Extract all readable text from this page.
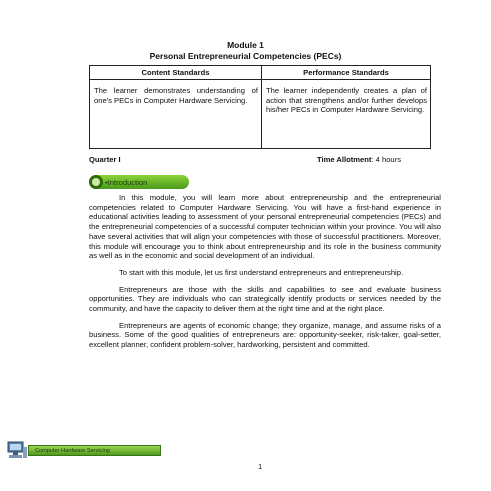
Module 1
Personal Entrepreneurial Competencies (PECs)
Content Standards	Performance Standards
The learner demonstrates understanding of one's PECs in Computer Hardware Servicing.
The learner independently creates a plan of action that strengthens and/or further develops his/her PECs in Computer Hardware Servicing.
Quarter I	Time Allotment: 4 hours
•Introduction

In this module, you will learn more about entrepreneurship and the entrepreneurial competencies related to Computer Hardware Servicing. You will have a first-hand experience in educational activities leading to assessment of your personal entrepreneurial competencies (PECs) and the entrepreneurial competencies of a successful computer technician within your province. You will also have several activities that will align your competencies with those of successful practitioners. Moreover, this module will encourage you to think about entrepreneurship and its role in the business community as well as in the economic and social development of an individual.

To start with this module, let us first understand entrepreneurs and entrepreneurship.

Entrepreneurs are those with the skills and capabilities to see and evaluate business opportunities. They are individuals who can strategically identify products or services needed by the community, and have the capacity to deliver them at the right time and at the right place.

Entrepreneurs are agents of economic change; they organize, manage, and assume risks of a business. Some of the good qualities of entrepreneurs are: opportunity-seeker, risk-taker, goal-setter, excellent planner, confident problem-solver, hardworking, persistent and committed.

Computer Hardware Servicing
1
